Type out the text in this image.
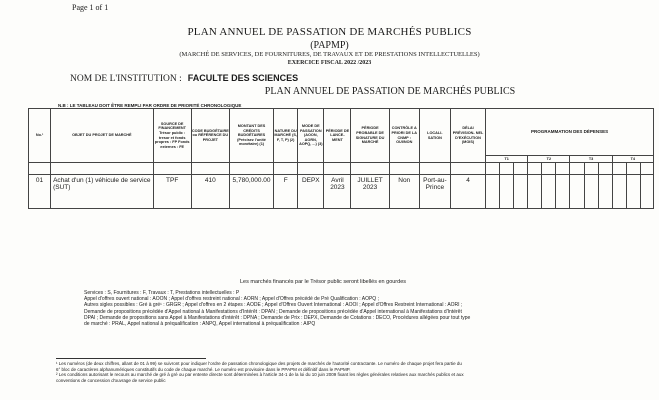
Page 1 of 1
PLAN ANNUEL DE PASSATION DE MARCHÉS PUBLICS
(PAPMP)
(MARCHÉ DE SERVICES, DE FOURNITURES, DE TRAVAUX ET DE PRESTATIONS INTELLECTUELLES)
EXERCICE FISCAL 2022 /2023
NOM DE L'INSTITUTION : FACULTE DES SCIENCES
PLAN ANNUEL DE PASSATION DE MARCHÉS PUBLICS
N.B : LE TABLEAU DOIT ÊTRE REMPLI PAR ORDRE DE PRIORITÉ CHRONOLOGIQUE
No.¹	OBJET DU PROJET DE MARCHÉ	SOURCE DE FINANCEMENT Trésor public : tresor et fonds propres : FP Fonds externes : FE	CODE BUDGÉTAIRE ou RÉFÉRENCE DU PROJET	MONTANT DES CRÉDITS BUDGÉTAIRES (Précisez l'unité monétaire) (1)	NATURE DU MARCHÉ (S, F, T, P) (2)	MODE DE PASSATION (AOON, AORN, AOPQ, ...) (3)	PÉRIODE DE LANCE- MENT	PÉRIODE PROBABLE DE SIGNATURE DU MARCHÉ	CONTRÔLE A PRIORI DE LA CNMP : OUI/NON	LOCALI- SATION	DÉLAI PRÉVISION- NEL D'EXÉCUTION (MOIS)	PROGRAMMATION DES DÉPENSES											
												T1			T2			T3			T4		

01	Achat d'un (1) véhicule de service (SUT)	TPF	410	5,780,000.00	F	DEPX	Avril 2023	JUILLET 2023	Non	Port-au-Prince	4												
Les marchés financés par le Trésor public seront libellés en gourdes
Services : S, Fournitures : F, Travaux : T, Prestations intellectuelles : P
Appel d'offres ouvert national : AOON ; Appel d'offres restreint national : AORN ; Appel d'Offres précédé de Pré Qualification : AOPQ ;
Autres sigles possibles : Gré à gré¹ : GRGR ; Appel d'offres en 2 étapes : AODE ; Appel d'Offres Ouvert International : AOOI ; Appel d'Offres Restreint International : AORI ;
Demande de propositions précédée d'Appel national à Manifestations d'Intérêt : DPAN ; Demande de propositions précédée d'Appel international à Manifestations d'Intérêt
DPAI ; Demande de propositions sans Appel à Manifestations d'intérêt : DPNA ; Demande de Prix : DEPX, Demande de Cotations : DECO, Procédures allégées pour tout type
de marché : PRAL, Appel national à préqualification : ANPQ, Appel international à préqualification : AIPQ
¹ Les numéros (de deux chiffres, allant de 01 à 99) se suivront pour indiquer l'ordre de passation chronologique des projets de marchés de l'autorité contractante. Le numéro de chaque projet fera partie du
6° bloc de caractères alphanumériques constitutifs du code de chaque marché. Le numéro est provisoire dans le PPAPM et définitif dans le PAPMP.
² Les conditions autorisant le recours au marché de gré à gré ou par entente directe sont déterminées à l'article 34-1 de la loi du 10 juin 2009 fixant les règles générales relatives aux marchés publics et aux
conventions de concession d'ouvrage de service public
